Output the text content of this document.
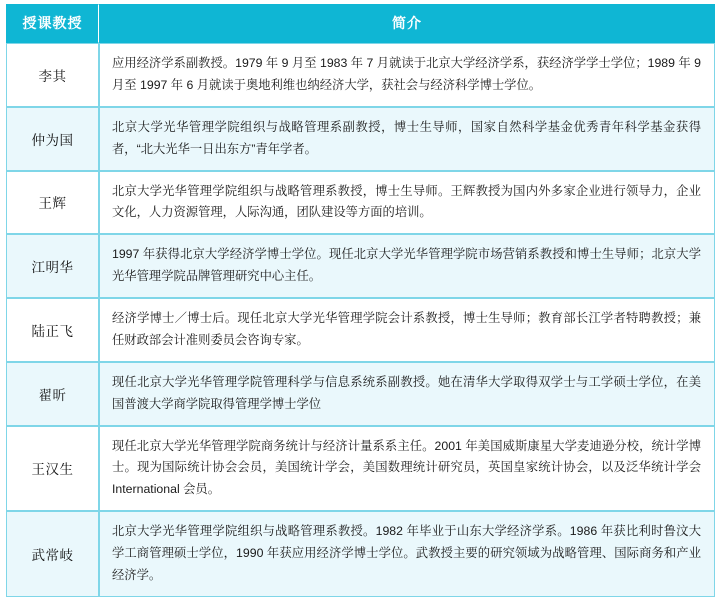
授课教授	简介
李其	应用经济学系副教授。1979 年 9 月至 1983 年 7 月就读于北京大学经济学系，获经济学学士学位；1989 年 9 月至 1997 年 6 月就读于奥地利维也纳经济大学，获社会与经济科学博士学位。
仲为国	北京大学光华管理学院组织与战略管理系副教授，博士生导师，国家自然科学基金优秀青年科学基金获得者，“北大光华一日出东方”青年学者。
王辉	北京大学光华管理学院组织与战略管理系教授，博士生导师。王辉教授为国内外多家企业进行领导力，企业文化，人力资源管理，人际沟通，团队建设等方面的培训。
江明华	1997 年获得北京大学经济学博士学位。现任北京大学光华管理学院市场营销系教授和博士生导师；北京大学光华管理学院品牌管理研究中心主任。
陆正飞	经济学博士／博士后。现任北京大学光华管理学院会计系教授，博士生导师；教育部长江学者特聘教授；兼任财政部会计准则委员会咨询专家。
翟昕	现任北京大学光华管理学院管理科学与信息系统系副教授。她在清华大学取得双学士与工学硕士学位，在美国普渡大学商学院取得管理学博士学位
王汉生	现任北京大学光华管理学院商务统计与经济计量系系主任。2001 年美国威斯康星大学麦迪逊分校，统计学博士。现为国际统计协会会员，美国统计学会，美国数理统计研究员，英国皇家统计协会，以及泛华统计学会 International 会员。
武常岐	北京大学光华管理学院组织与战略管理系教授。1982 年毕业于山东大学经济学系。1986 年获比利时鲁汶大学工商管理硕士学位，1990 年获应用经济学博士学位。武教授主要的研究领域为战略管理、国际商务和产业经济学。
